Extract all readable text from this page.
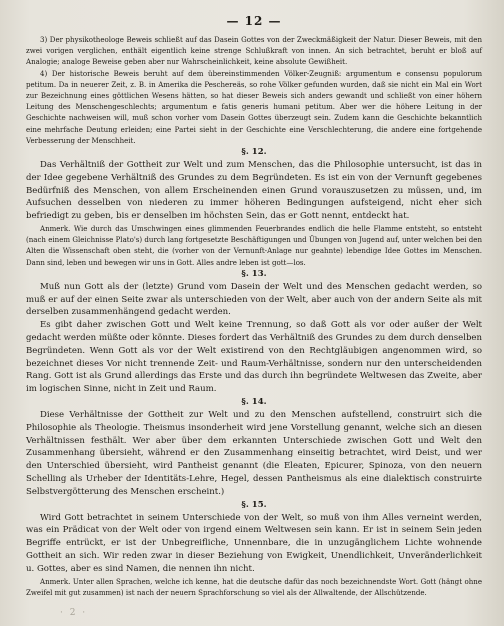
— 12 —

3) Der physikotheologe Beweis schließt auf das Dasein Gottes von der Zweckmäßigkeit der Natur. Dieser Beweis, mit den zwei vorigen verglichen, enthält eigentlich keine strenge Schlußkraft von innen. An sich betrachtet, beruht er bloß auf Analogie; analoge Beweise geben aber nur Wahrscheinlichkeit, keine absolute Gewißheit.

4) Der historische Beweis beruht auf dem übereinstimmenden Völker-Zeugniß: argumentum e consensu populorum petitum. Da in neuerer Zeit, z. B. in Amerika die Peschereäs, so rohe Völker gefunden wurden, daß sie nicht ein Mal ein Wort zur Bezeichnung eines göttlichen Wesens hätten, so hat dieser Beweis sich anders gewandt und schließt von einer höhern Leitung des Menschengeschlechts; argumentum e fatis generis humani petitum. Aber wer die höhere Leitung in der Geschichte nachweisen will, muß schon vorher vom Dasein Gottes überzeugt sein. Zudem kann die Geschichte bekanntlich eine mehrfache Deutung erleiden; eine Partei sieht in der Geschichte eine Verschlechterung, die andere eine fortgehende Verbesserung der Menschheit.

§. 12.

Das Verhältniß der Gottheit zur Welt und zum Menschen, das die Philosophie untersucht, ist das in der Idee gegebene Verhältniß des Grundes zu dem Begründeten. Es ist ein von der Vernunft gegebenes Bedürfniß des Menschen, von allem Erscheinenden einen Grund vorauszusetzen zu müssen, und, im Aufsuchen desselben von niederen zu immer höheren Bedingungen aufsteigend, nicht eher sich befriedigt zu geben, bis er denselben im höchsten Sein, das er Gott nennt, entdeckt hat.

Anmerk. Wie durch das Umschwingen eines glimmenden Feuerbrandes endlich die helle Flamme entsteht, so entsteht (nach einem Gleichnisse Plato's) durch lang fortgesetzte Beschäftigungen und Übungen von Jugend auf, unter welchen bei den Alten die Wissenschaft oben steht, die (vorher von der Vernunft-Anlage nur geahnte) lebendige Idee Gottes im Menschen. Dann sind, leben und bewegen wir uns in Gott. Alles andre leben ist gott—los.

§. 13.

Muß nun Gott als der (letzte) Grund vom Dasein der Welt und des Menschen gedacht werden, so muß er auf der einen Seite zwar als unterschieden von der Welt, aber auch von der andern Seite als mit derselben zusammenhängend gedacht werden.

Es gibt daher zwischen Gott und Welt keine Trennung, so daß Gott als vor oder außer der Welt gedacht werden müßte oder könnte. Dieses fordert das Verhältniß des Grundes zu dem durch denselben Begründeten. Wenn Gott als vor der Welt existirend von den Rechtgläubigen angenommen wird, so bezeichnet dieses Vor nicht trennende Zeit- und Raum-Verhältnisse, sondern nur den unterscheidenden Rang. Gott ist als Grund allerdings das Erste und das durch ihn begründete Weltwesen das Zweite, aber im logischen Sinne, nicht in Zeit und Raum.

§. 14.

Diese Verhältnisse der Gottheit zur Welt und zu den Menschen aufstellend, construirt sich die Philosophie als Theologie. Theismus insonderheit wird jene Vorstellung genannt, welche sich an diesen Verhältnissen festhält. Wer aber über dem erkannten Unterschiede zwischen Gott und Welt den Zusammenhang übersieht, während er den Zusammenhang einseitig betrachtet, wird Deist, und wer den Unterschied übersieht, wird Pantheist genannt (die Eleaten, Epicurer, Spinoza, von den neuern Schelling als Urheber der Identitäts-Lehre, Hegel, dessen Pantheismus als eine dialektisch construirte Selbstvergötterung des Menschen erscheint.)

§. 15.

Wird Gott betrachtet in seinem Unterschiede von der Welt, so muß von ihm Alles verneint werden, was ein Prädicat von der Welt oder von irgend einem Weltwesen sein kann. Er ist in seinem Sein jeden Begriffe entrückt, er ist der Unbegreifliche, Unnennbare, die in unzugänglichem Lichte wohnende Gottheit an sich. Wir reden zwar in dieser Beziehung von Ewigkeit, Unendlichkeit, Unveränderlichkeit u. Gottes, aber es sind Namen, die nennen ihn nicht.

Anmerk. Unter allen Sprachen, welche ich kenne, hat die deutsche dafür das noch bezeichnendste Wort. Gott (hängt ohne Zweifel mit gut zusammen) ist nach der neuern Sprachforschung so viel als der Allwaltende, der Allschützende.

· 2 ·
